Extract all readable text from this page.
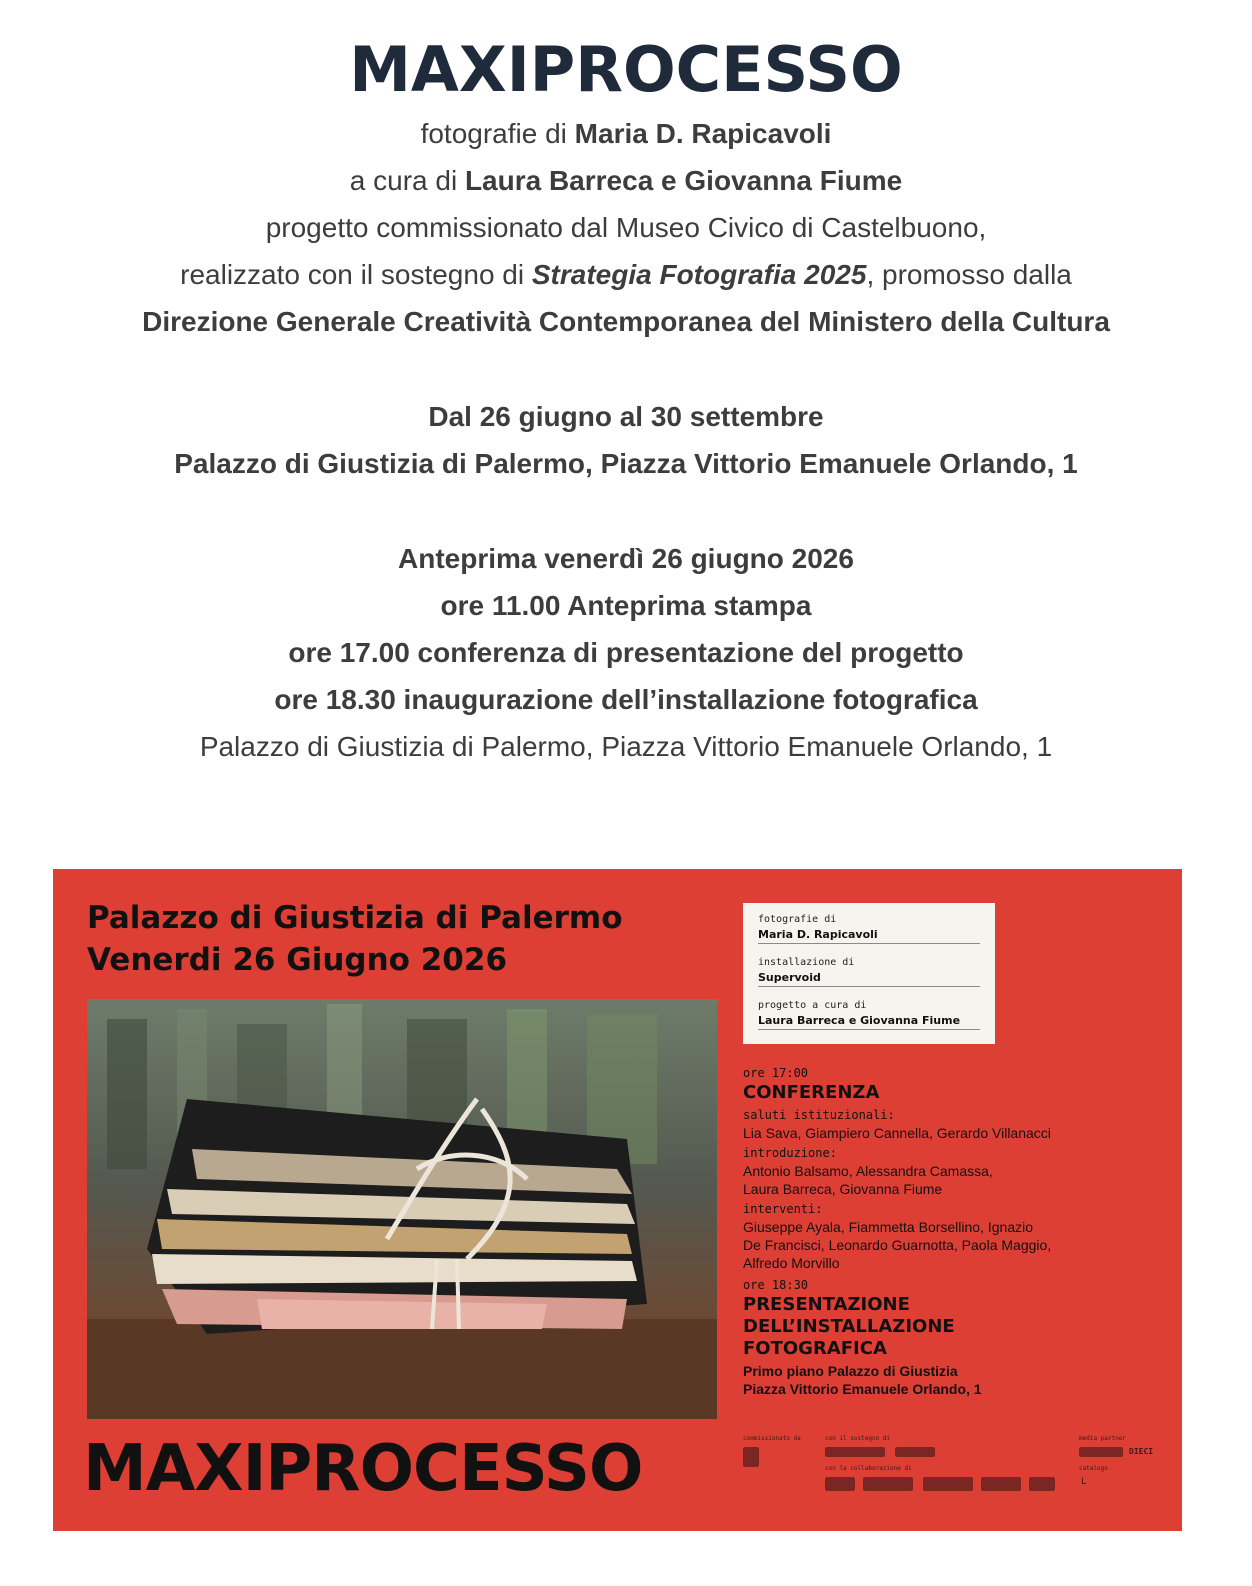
MAXIPROCESSO

fotografie di Maria D. Rapicavoli

a cura di Laura Barreca e Giovanna Fiume

progetto commissionato dal Museo Civico di Castelbuono,

realizzato con il sostegno di Strategia Fotografia 2025, promosso dalla

Direzione Generale Creatività Contemporanea del Ministero della Cultura

Dal 26 giugno al 30 settembre

Palazzo di Giustizia di Palermo, Piazza Vittorio Emanuele Orlando, 1

Anteprima venerdì 26 giugno 2026

ore 11.00 Anteprima stampa

ore 17.00 conferenza di presentazione del progetto

ore 18.30 inaugurazione dell’installazione fotografica

Palazzo di Giustizia di Palermo, Piazza Vittorio Emanuele Orlando, 1

Palazzo di Giustizia di Palermo
Venerdi 26 Giugno 2026
MAXIPROCESSO
fotografie di
Maria D. Rapicavoli
installazione di
Supervoid
progetto a cura di
Laura Barreca e Giovanna Fiume
ore 17:00
CONFERENZA
saluti istituzionali:
Lia Sava, Giampiero Cannella, Gerardo Villanacci
introduzione:
Antonio Balsamo, Alessandra Camassa,
Laura Barreca, Giovanna Fiume
interventi:
Giuseppe Ayala, Fiammetta Borsellino, Ignazio
De Francisci, Leonardo Guarnotta, Paola Maggio,
Alfredo Morvillo
ore 18:30
PRESENTAZIONE
DELL’INSTALLAZIONE
FOTOGRAFICA
Primo piano Palazzo di Giustizia
Piazza Vittorio Emanuele Orlando, 1
commissionato da	con il sostegno di
con la collaborazione di
media partner
DIECI
catalogo
L
